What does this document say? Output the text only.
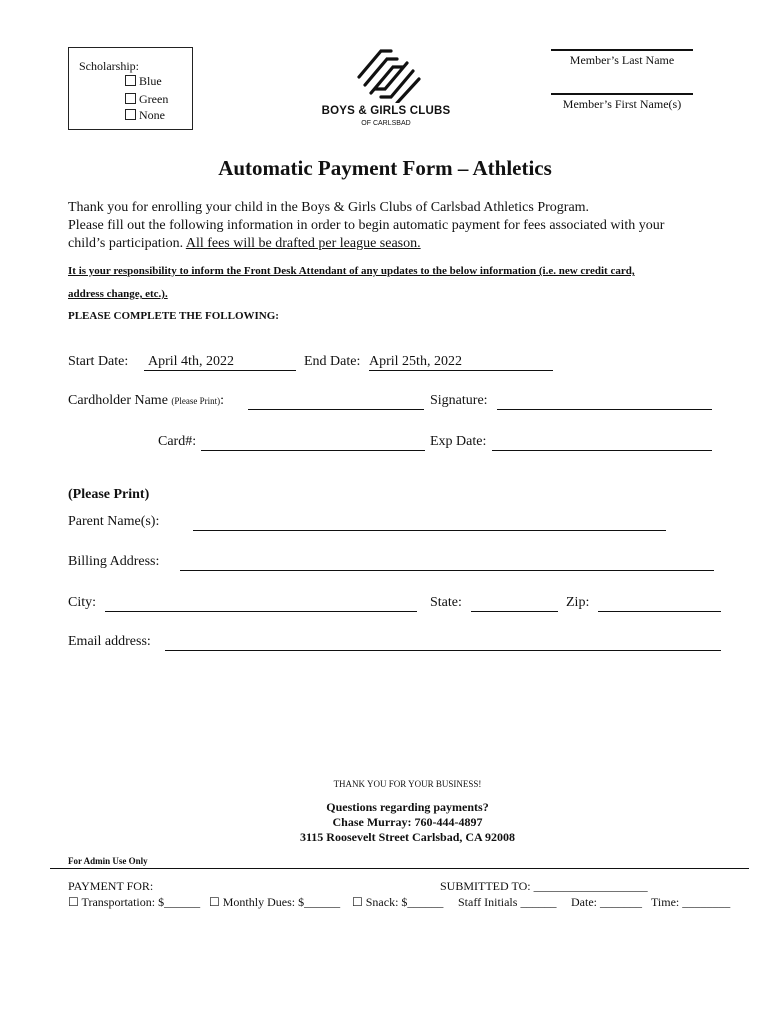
Scholarship:
Blue
Green
None	BOYS & GIRLS CLUBS
OF CARLSBAD
Member’s Last Name
Member’s First Name(s)
Automatic Payment Form – Athletics
Thank you for enrolling your child in the Boys & Girls Clubs of Carlsbad Athletics Program.
Please fill out the following information in order to begin automatic payment for fees associated with your
child’s participation. All fees will be drafted per league season.
It is your responsibility to inform the Front Desk Attendant of any updates to the below information (i.e. new credit card,
address change, etc.).
PLEASE COMPLETE THE FOLLOWING:
Start Date: April 4th, 2022	End Date: April 25th, 2022
Cardholder Name (Please Print):	Signature:
Card#:	Exp Date:
(Please Print)
Parent Name(s):
Billing Address:
City:	State:	Zip:
Email address:
THANK YOU FOR YOUR BUSINESS!
Questions regarding payments?
Chase Murray: 760-444-4897
3115 Roosevelt Street Carlsbad, CA 92008
For Admin Use Only
PAYMENT FOR:	SUBMITTED TO: ___________________
☐ Transportation: $______ ☐ Monthly Dues: $______ ☐ Snack: $______ Staff Initials ______ Date: _______ Time: ________
